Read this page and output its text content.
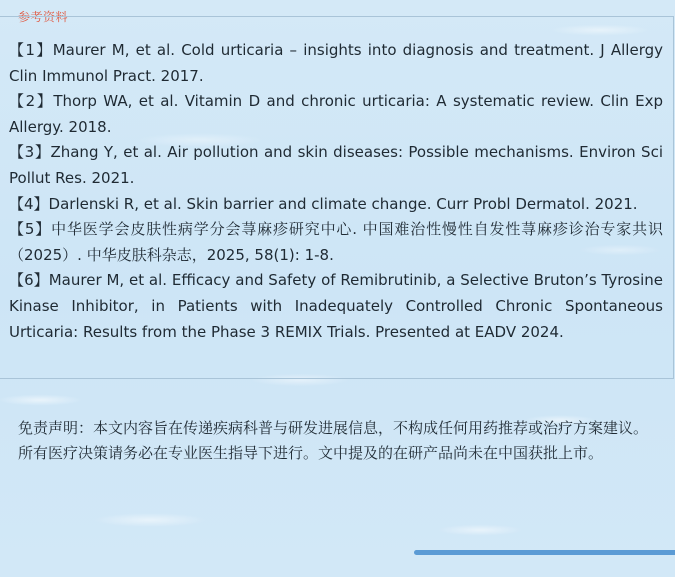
参考资料
【1】Maurer M, et al. Cold urticaria – insights into diagnosis and treatment. J Allergy Clin Immunol Pract. 2017.
【2】Thorp WA, et al. Vitamin D and chronic urticaria: A systematic review. Clin Exp Allergy. 2018.
【3】Zhang Y, et al. Air pollution and skin diseases: Possible mechanisms. Environ Sci Pollut Res. 2021.
【4】Darlenski R, et al. Skin barrier and climate change. Curr Probl Dermatol. 2021.
【5】中华医学会皮肤性病学分会荨麻疹研究中心. 中国难治性慢性自发性荨麻疹诊治专家共识（2025）. 中华皮肤科杂志，2025, 58(1): 1-8.
【6】Maurer M, et al. Efficacy and Safety of Remibrutinib, a Selective Bruton’s Tyrosine Kinase Inhibitor, in Patients with Inadequately Controlled Chronic Spontaneous Urticaria: Results from the Phase 3 REMIX Trials. Presented at EADV 2024.

免责声明：本文内容旨在传递疾病科普与研发进展信息，不构成任何用药推荐或治疗方案建议。所有医疗决策请务必在专业医生指导下进行。文中提及的在研产品尚未在中国获批上市。
